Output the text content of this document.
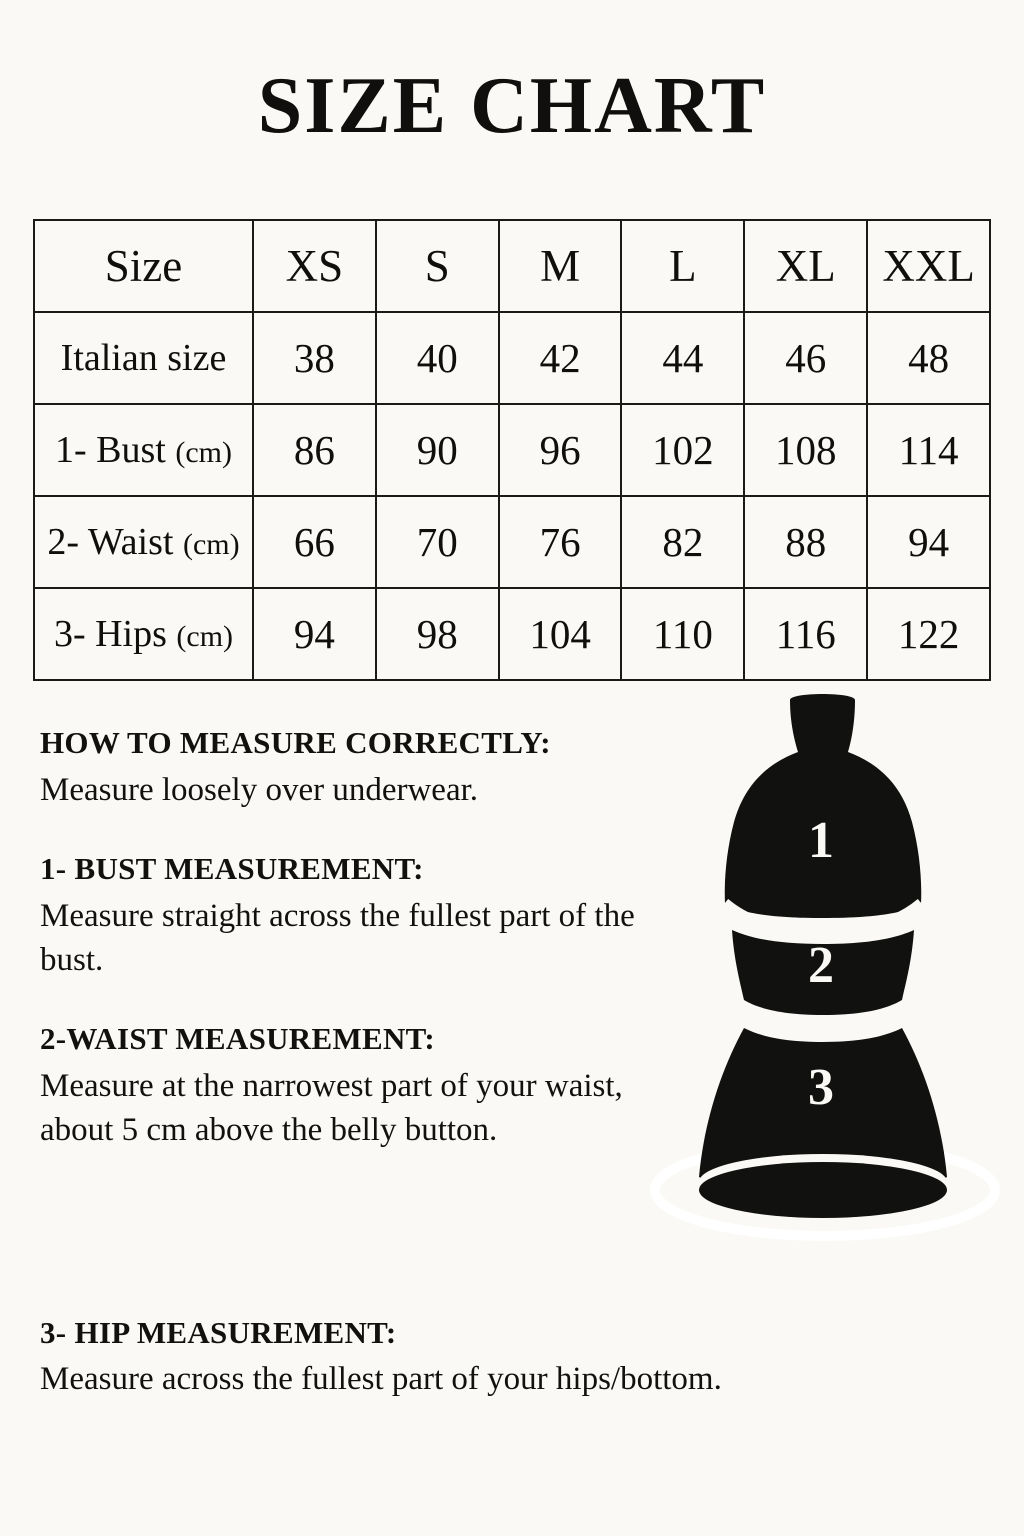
SIZE CHART
Size	XS	S	M	L	XL	XXL
Italian size	38	40	42	44	46	48
1- Bust (cm)	86	90	96	102	108	114
2- Waist (cm)	66	70	76	82	88	94
3- Hips (cm)	94	98	104	110	116	122
HOW TO MEASURE CORRECTLY:

Measure loosely over underwear.

1- BUST MEASUREMENT:

Measure straight across the fullest part of the bust.

2-WAIST MEASUREMENT:

Measure at the narrowest part of your waist, about 5 cm above the belly button.

3- HIP MEASUREMENT:

Measure across the fullest part of your hips/bottom.

1
2
3
